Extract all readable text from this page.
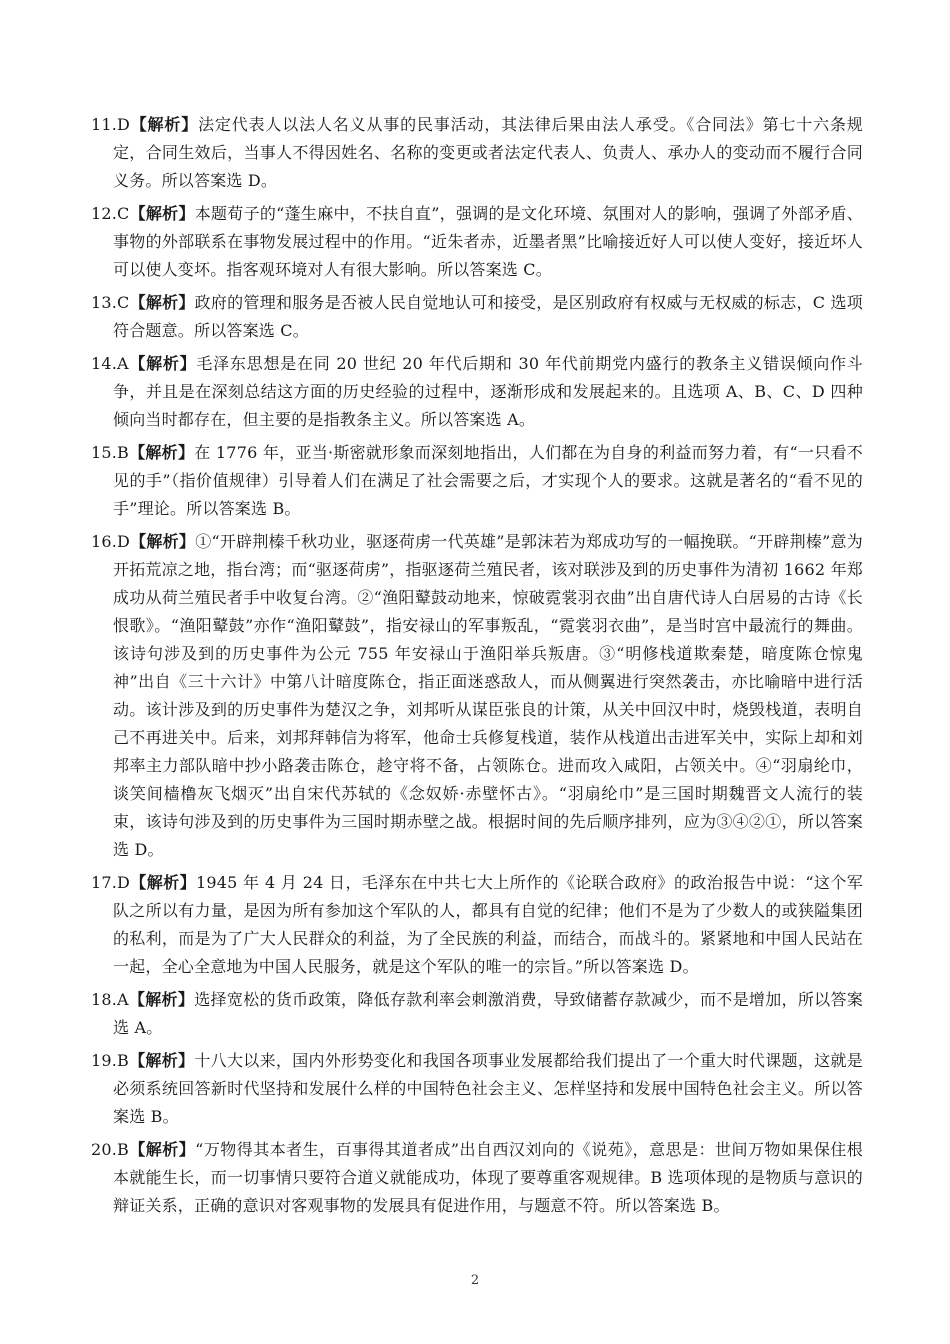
11.D【解析】法定代表人以法人名义从事的民事活动，其法律后果由法人承受。《合同法》第七十六条规定，合同生效后，当事人不得因姓名、名称的变更或者法定代表人、负责人、承办人的变动而不履行合同义务。所以答案选 D。

12.C【解析】本题荀子的“蓬生麻中，不扶自直”，强调的是文化环境、氛围对人的影响，强调了外部矛盾、事物的外部联系在事物发展过程中的作用。“近朱者赤，近墨者黑”比喻接近好人可以使人变好，接近坏人可以使人变坏。指客观环境对人有很大影响。所以答案选 C。

13.C【解析】政府的管理和服务是否被人民自觉地认可和接受，是区别政府有权威与无权威的标志，C 选项符合题意。所以答案选 C。

14.A【解析】毛泽东思想是在同 20 世纪 20 年代后期和 30 年代前期党内盛行的教条主义错误倾向作斗争，并且是在深刻总结这方面的历史经验的过程中，逐渐形成和发展起来的。且选项 A、B、C、D 四种倾向当时都存在，但主要的是指教条主义。所以答案选 A。

15.B【解析】在 1776 年，亚当·斯密就形象而深刻地指出，人们都在为自身的利益而努力着，有“一只看不见的手”（指价值规律）引导着人们在满足了社会需要之后，才实现个人的要求。这就是著名的“看不见的手”理论。所以答案选 B。

16.D【解析】①“开辟荆榛千秋功业，驱逐荷虏一代英雄”是郭沫若为郑成功写的一幅挽联。“开辟荆榛”意为开拓荒凉之地，指台湾；而“驱逐荷虏”，指驱逐荷兰殖民者，该对联涉及到的历史事件为清初 1662 年郑成功从荷兰殖民者手中收复台湾。②“渔阳鼙鼓动地来，惊破霓裳羽衣曲”出自唐代诗人白居易的古诗《长恨歌》。“渔阳鼙鼓”亦作“渔阳鼙鼓”，指安禄山的军事叛乱，“霓裳羽衣曲”，是当时宫中最流行的舞曲。该诗句涉及到的历史事件为公元 755 年安禄山于渔阳举兵叛唐。③“明修栈道欺秦楚，暗度陈仓惊鬼神”出自《三十六计》中第八计暗度陈仓，指正面迷惑敌人，而从侧翼进行突然袭击，亦比喻暗中进行活动。该计涉及到的历史事件为楚汉之争，刘邦听从谋臣张良的计策，从关中回汉中时，烧毁栈道，表明自己不再进关中。后来，刘邦拜韩信为将军，他命士兵修复栈道，装作从栈道出击进军关中，实际上却和刘邦率主力部队暗中抄小路袭击陈仓，趁守将不备，占领陈仓。进而攻入咸阳，占领关中。④“羽扇纶巾，谈笑间樯橹灰飞烟灭”出自宋代苏轼的《念奴娇·赤壁怀古》。“羽扇纶巾”是三国时期魏晋文人流行的装束，该诗句涉及到的历史事件为三国时期赤壁之战。根据时间的先后顺序排列，应为③④②①，所以答案选 D。

17.D【解析】1945 年 4 月 24 日，毛泽东在中共七大上所作的《论联合政府》的政治报告中说：“这个军队之所以有力量，是因为所有参加这个军队的人，都具有自觉的纪律；他们不是为了少数人的或狭隘集团的私利，而是为了广大人民群众的利益，为了全民族的利益，而结合，而战斗的。紧紧地和中国人民站在一起，全心全意地为中国人民服务，就是这个军队的唯一的宗旨。”所以答案选 D。

18.A【解析】选择宽松的货币政策，降低存款利率会刺激消费，导致储蓄存款减少，而不是增加，所以答案选 A。

19.B【解析】十八大以来，国内外形势变化和我国各项事业发展都给我们提出了一个重大时代课题，这就是必须系统回答新时代坚持和发展什么样的中国特色社会主义、怎样坚持和发展中国特色社会主义。所以答案选 B。

20.B【解析】“万物得其本者生，百事得其道者成”出自西汉刘向的《说苑》，意思是：世间万物如果保住根本就能生长，而一切事情只要符合道义就能成功，体现了要尊重客观规律。B 选项体现的是物质与意识的辩证关系，正确的意识对客观事物的发展具有促进作用，与题意不符。所以答案选 B。

2
